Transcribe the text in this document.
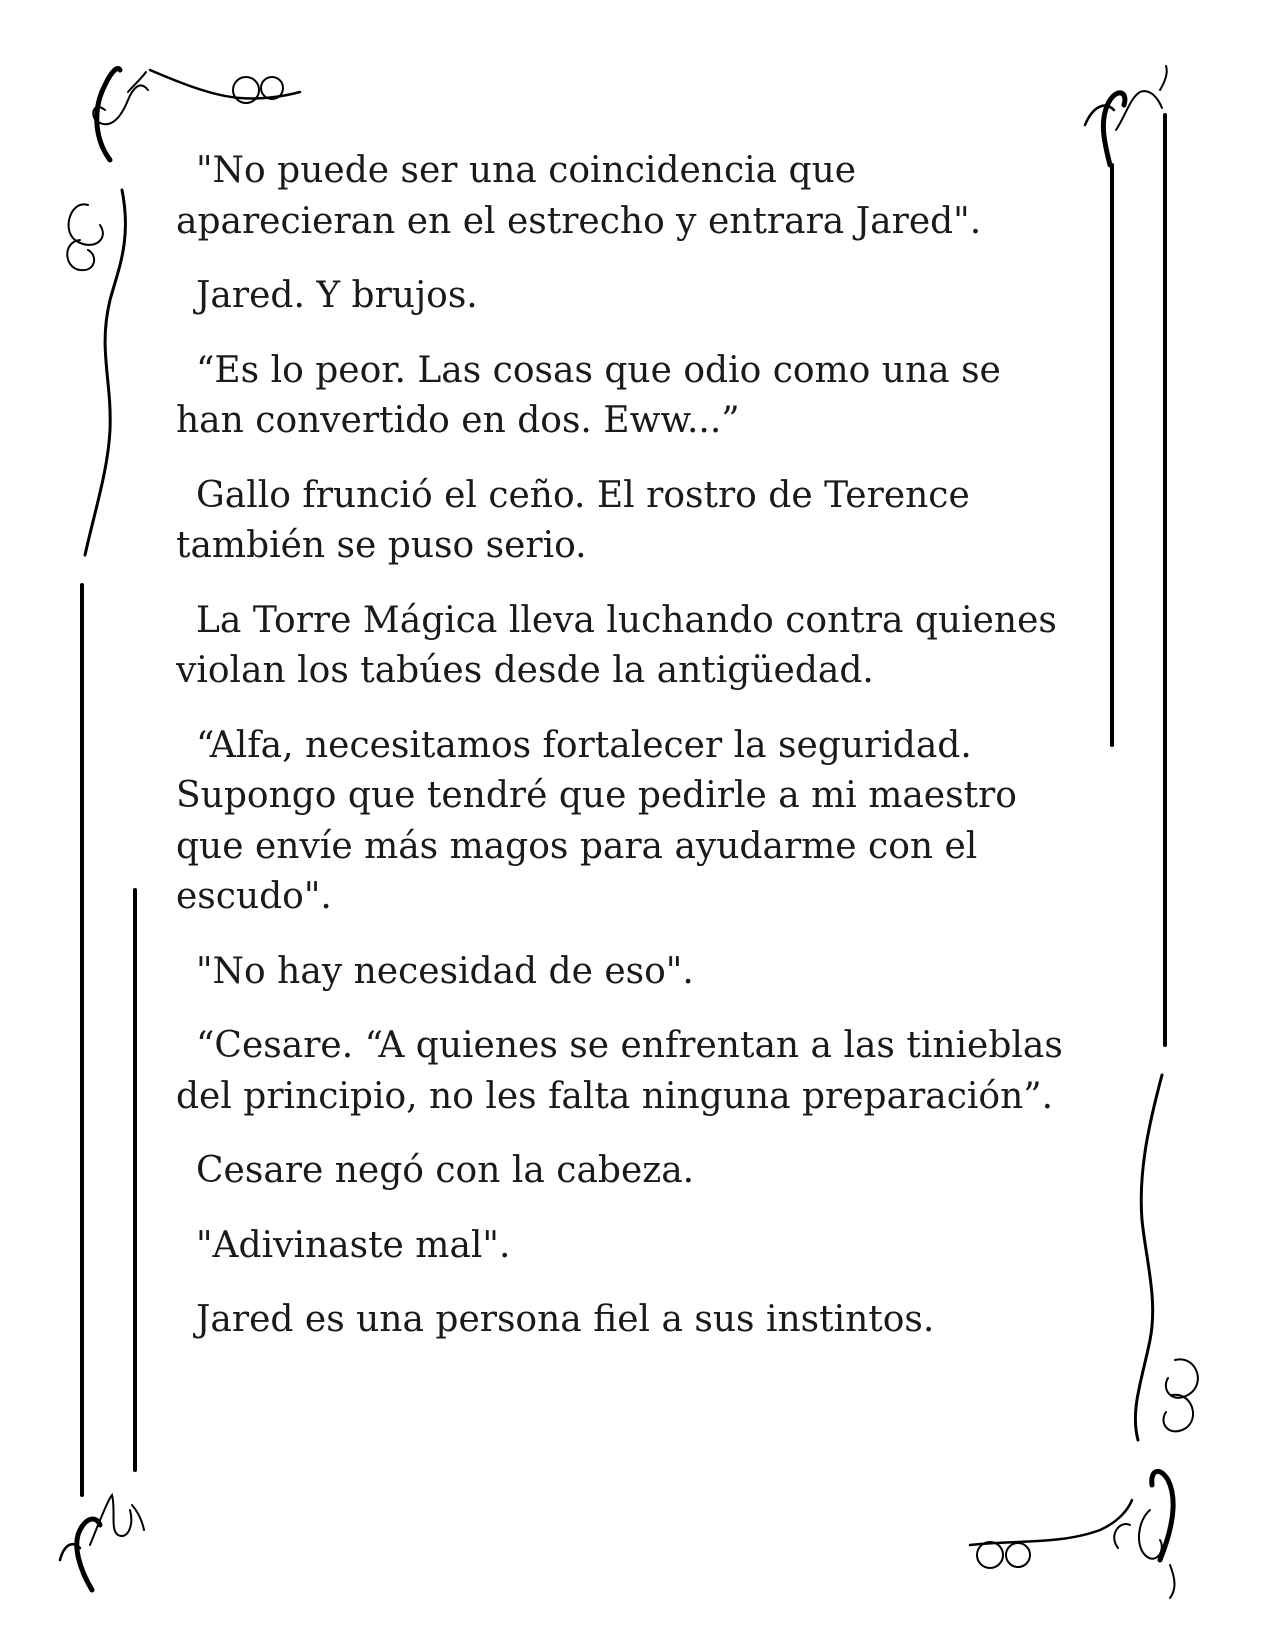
"No puede ser una coincidencia que aparecieran en el estrecho y entrara Jared".

Jared. Y brujos.

“Es lo peor. Las cosas que odio como una se han convertido en dos. Eww...”

Gallo frunció el ceño. El rostro de Terence también se puso serio.

La Torre Mágica lleva luchando contra quienes violan los tabúes desde la antigüedad.

“Alfa, necesitamos fortalecer la seguridad. Supongo que tendré que pedirle a mi maestro que envíe más magos para ayudarme con el escudo".

"No hay necesidad de eso".

“Cesare. “A quienes se enfrentan a las tinieblas del principio, no les falta ninguna preparación”.

Cesare negó con la cabeza.

"Adivinaste mal".

Jared es una persona fiel a sus instintos.
